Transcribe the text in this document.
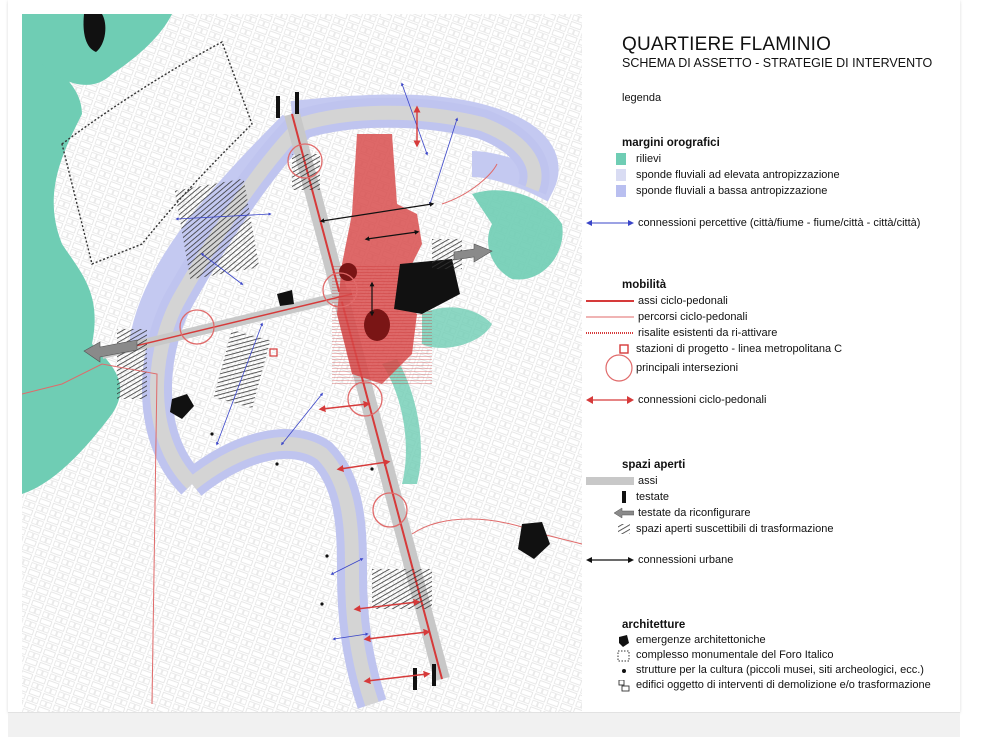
QUARTIERE FLAMINIO
SCHEMA DI ASSETTO - STRATEGIE DI INTERVENTO
legenda
margini orografici
rilievi
sponde fluviali ad elevata antropizzazione
sponde fluviali a bassa antropizzazione
connessioni percettive (città/fiume - fiume/città - città/città)
mobilità
assi ciclo-pedonali
percorsi ciclo-pedonali
risalite esistenti da ri-attivare
stazioni di progetto - linea metropolitana C
principali intersezioni
connessioni ciclo-pedonali
spazi aperti
assi
testate
testate da riconfigurare
spazi aperti suscettibili di trasformazione
connessioni urbane
architetture
emergenze architettoniche
complesso monumentale del Foro Italico
strutture per la cultura (piccoli musei, siti archeologici, ecc.)
edifici oggetto di interventi di demolizione e/o trasformazione
